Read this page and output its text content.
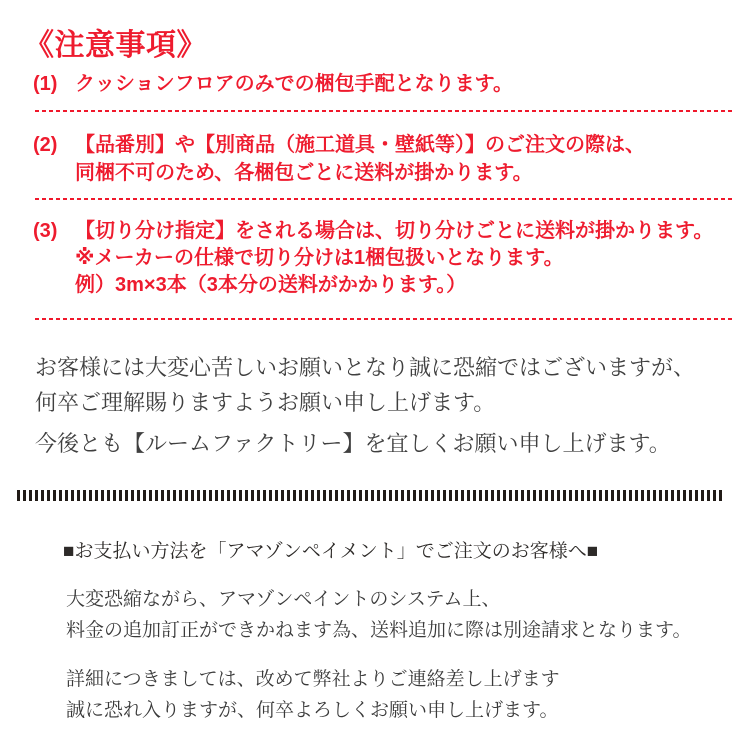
《注意事項》
(1) クッションフロアのみでの梱包手配となります。
(2) 【品番別】や【別商品（施工道具・壁紙等）】のご注文の際は、
同梱不可のため、各梱包ごとに送料が掛かります。
(3) 【切り分け指定】をされる場合は、切り分けごとに送料が掛かります。
※メーカーの仕様で切り分けは1梱包扱いとなります。
例）3m×3本（3本分の送料がかかります。）
お客様には大変心苦しいお願いとなり誠に恐縮ではございますが、
何卒ご理解賜りますようお願い申し上げます。
今後とも【ルームファクトリー】を宜しくお願い申し上げます。
■お支払い方法を「アマゾンペイメント」でご注文のお客様へ■
大変恐縮ながら、アマゾンペイントのシステム上、
料金の追加訂正ができかねます為、送料追加に際は別途請求となります。
詳細につきましては、改めて弊社よりご連絡差し上げます
誠に恐れ入りますが、何卒よろしくお願い申し上げます。
